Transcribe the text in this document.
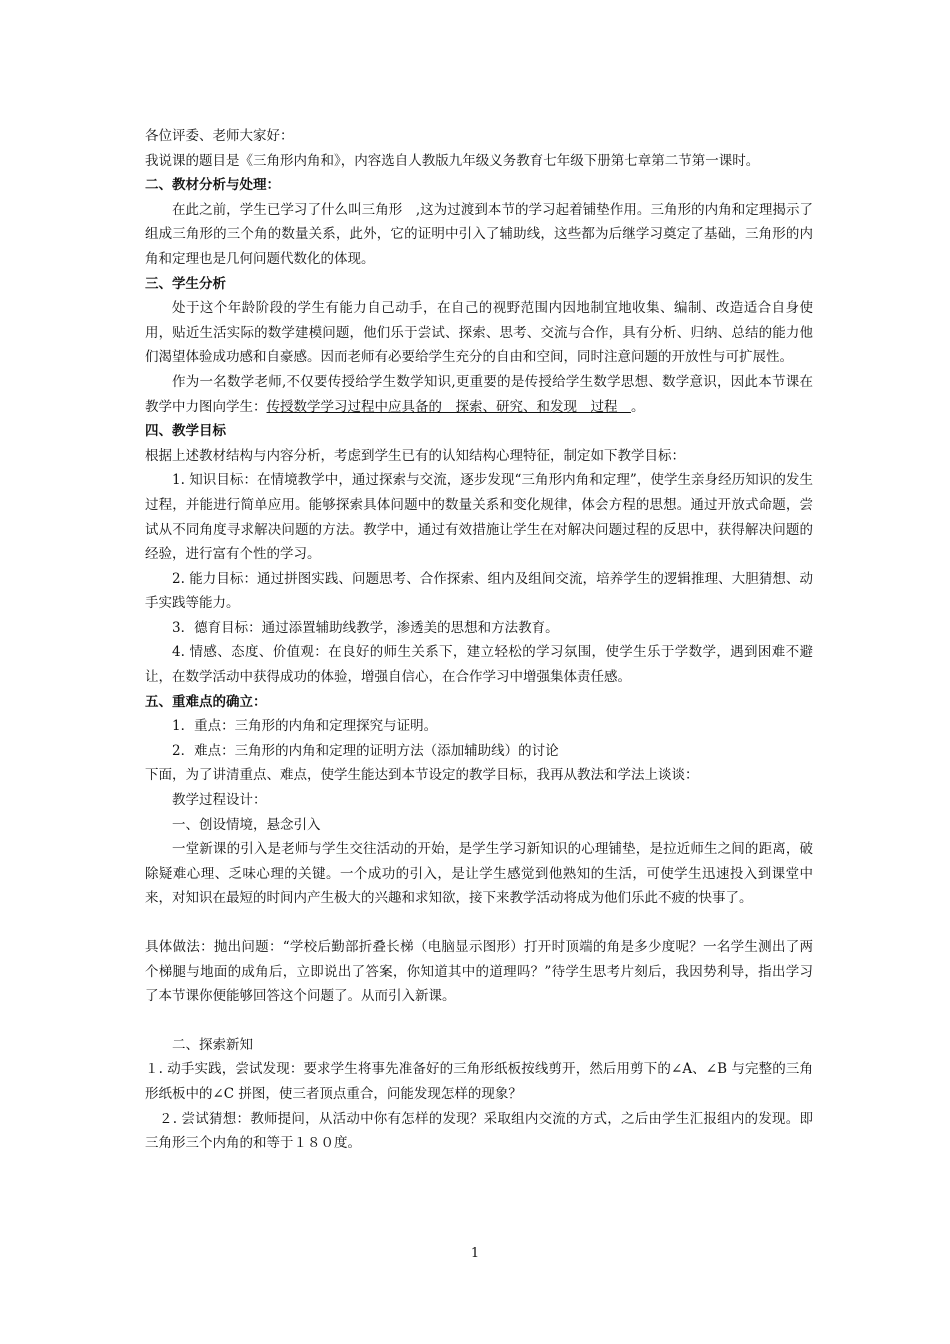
各位评委、老师大家好：

我说课的题目是《三角形内角和》，内容选自人教版九年级义务教育七年级下册第七章第二节第一课时。

二、教材分析与处理：

在此之前，学生已学习了什么叫三角形　,这为过渡到本节的学习起着铺垫作用。三角形的内角和定理揭示了组成三角形的三个角的数量关系，此外，它的证明中引入了辅助线，这些都为后继学习奠定了基础，三角形的内角和定理也是几何问题代数化的体现。

三、学生分析

处于这个年龄阶段的学生有能力自己动手，在自己的视野范围内因地制宜地收集、编制、改造适合自身使用，贴近生活实际的数学建模问题，他们乐于尝试、探索、思考、交流与合作，具有分析、归纳、总结的能力他们渴望体验成功感和自豪感。因而老师有必要给学生充分的自由和空间，同时注意问题的开放性与可扩展性。

作为一名数学老师,不仅要传授给学生数学知识,更重要的是传授给学生数学思想、数学意识，因此本节课在教学中力图向学生：传授数学学习过程中应具备的　探索、研究、和发现　过程　。

四、教学目标

根据上述教材结构与内容分析，考虑到学生已有的认知结构心理特征，制定如下教学目标：

1. 知识目标：在情境教学中，通过探索与交流，逐步发现“三角形内角和定理”，使学生亲身经历知识的发生过程，并能进行简单应用。能够探索具体问题中的数量关系和变化规律，体会方程的思想。通过开放式命题，尝试从不同角度寻求解决问题的方法。教学中，通过有效措施让学生在对解决问题过程的反思中，获得解决问题的经验，进行富有个性的学习。

2. 能力目标：通过拼图实践、问题思考、合作探索、组内及组间交流，培养学生的逻辑推理、大胆猜想、动手实践等能力。

3．德育目标：通过添置辅助线教学，渗透美的思想和方法教育。

4. 情感、态度、价值观：在良好的师生关系下，建立轻松的学习氛围，使学生乐于学数学，遇到困难不避让，在数学活动中获得成功的体验，增强自信心，在合作学习中增强集体责任感。

五、重难点的确立：

1．重点：三角形的内角和定理探究与证明。

2．难点：三角形的内角和定理的证明方法（添加辅助线）的讨论

下面，为了讲清重点、难点，使学生能达到本节设定的教学目标，我再从教法和学法上谈谈：

教学过程设计：

一、创设情境，悬念引入

一堂新课的引入是老师与学生交往活动的开始，是学生学习新知识的心理铺垫，是拉近师生之间的距离，破除疑难心理、乏味心理的关键。一个成功的引入，是让学生感觉到他熟知的生活，可使学生迅速投入到课堂中来，对知识在最短的时间内产生极大的兴趣和求知欲，接下来教学活动将成为他们乐此不疲的快事了。

具体做法：抛出问题：“学校后勤部折叠长梯（电脑显示图形）打开时顶端的角是多少度呢？一名学生测出了两个梯腿与地面的成角后，立即说出了答案，你知道其中的道理吗？”待学生思考片刻后，我因势利导，指出学习了本节课你便能够回答这个问题了。从而引入新课。

二、探索新知

１. 动手实践，尝试发现：要求学生将事先准备好的三角形纸板按线剪开，然后用剪下的∠A、∠B 与完整的三角形纸板中的∠C 拼图，使三者顶点重合，问能发现怎样的现象？

２. 尝试猜想：教师提问，从活动中你有怎样的发现？采取组内交流的方式，之后由学生汇报组内的发现。即三角形三个内角的和等于１８０度。

1
